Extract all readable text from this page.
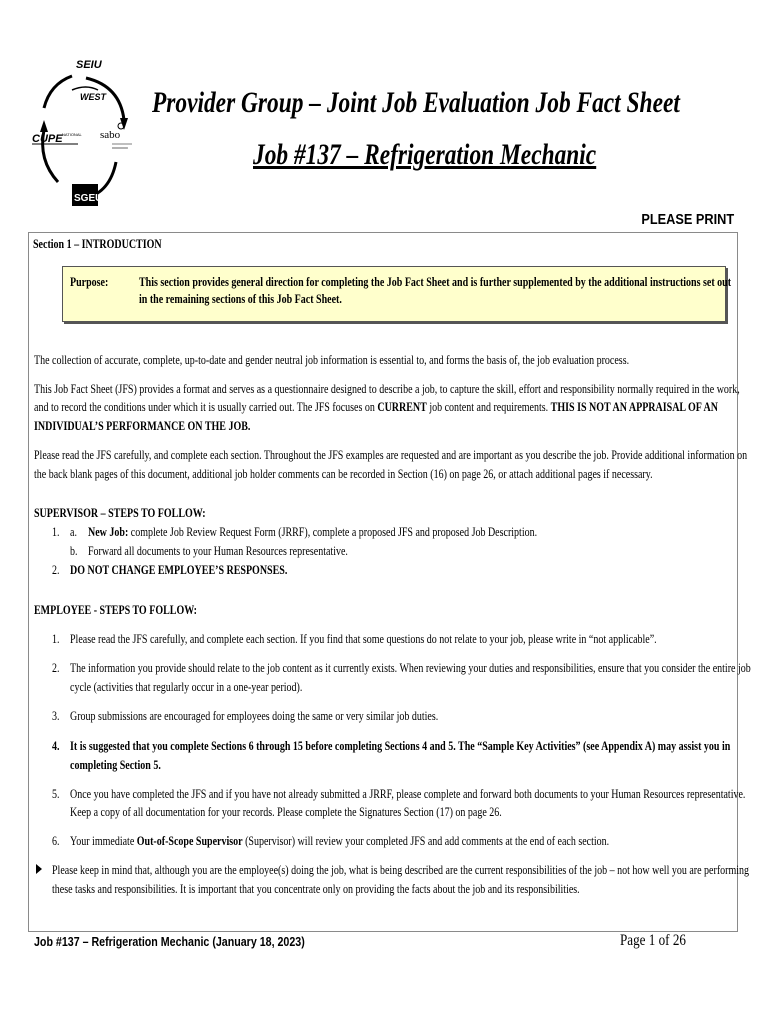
SEIU
WEST
CUPE NATIONAL sabo
SGEU
Provider Group – Joint Job Evaluation Job Fact Sheet
Job #137 – Refrigeration Mechanic
PLEASE PRINT
Section 1 – INTRODUCTION
Purpose: This section provides general direction for completing the Job Fact Sheet and is further supplemented by the additional instructions set out
in the remaining sections of this Job Fact Sheet.
The collection of accurate, complete, up-to-date and gender neutral job information is essential to, and forms the basis of, the job evaluation process.
This Job Fact Sheet (JFS) provides a format and serves as a questionnaire designed to describe a job, to capture the skill, effort and responsibility normally required in the work,
and to record the conditions under which it is usually carried out. The JFS focuses on CURRENT job content and requirements. THIS IS NOT AN APPRAISAL OF AN
INDIVIDUAL’S PERFORMANCE ON THE JOB.
Please read the JFS carefully, and complete each section. Throughout the JFS examples are requested and are important as you describe the job. Provide additional information on
the back blank pages of this document, additional job holder comments can be recorded in Section (16) on page 26, or attach additional pages if necessary.
SUPERVISOR – STEPS TO FOLLOW:
1. a. New Job: complete Job Review Request Form (JRRF), complete a proposed JFS and proposed Job Description.
b. Forward all documents to your Human Resources representative.
2. DO NOT CHANGE EMPLOYEE’S RESPONSES.
EMPLOYEE - STEPS TO FOLLOW:
1. Please read the JFS carefully, and complete each section. If you find that some questions do not relate to your job, please write in “not applicable”.
2. The information you provide should relate to the job content as it currently exists. When reviewing your duties and responsibilities, ensure that you consider the entire job
cycle (activities that regularly occur in a one-year period).
3. Group submissions are encouraged for employees doing the same or very similar job duties.
4. It is suggested that you complete Sections 6 through 15 before completing Sections 4 and 5. The “Sample Key Activities” (see Appendix A) may assist you in
completing Section 5.
5. Once you have completed the JFS and if you have not already submitted a JRRF, please complete and forward both documents to your Human Resources representative.
Keep a copy of all documentation for your records. Please complete the Signatures Section (17) on page 26.
6. Your immediate Out-of-Scope Supervisor (Supervisor) will review your completed JFS and add comments at the end of each section.
Please keep in mind that, although you are the employee(s) doing the job, what is being described are the current responsibilities of the job – not how well you are performing
these tasks and responsibilities. It is important that you concentrate only on providing the facts about the job and its responsibilities.
Job #137 – Refrigeration Mechanic (January 18, 2023)	Page 1 of 26
